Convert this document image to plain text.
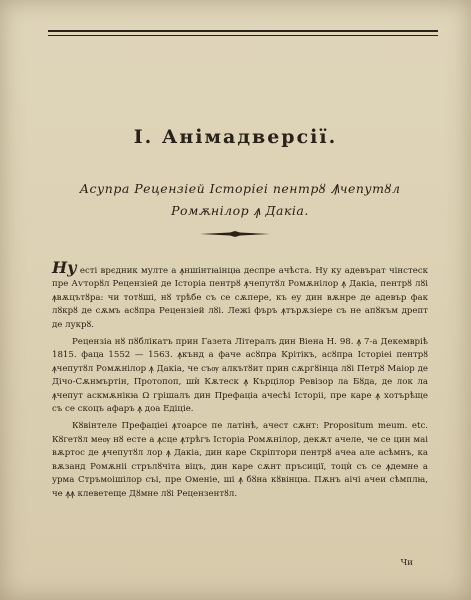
І. Анімадверсії.
Асупра Ρецензіей Історіеі пентрȣ Ꙟчепутȣл
Ρомѫнілор ꙟ Дакіа.

Ну есті врєдник мулте а ꙟншінтꙗінцꙗ деспре ачѣста. Ну ку адевърат чінстеск пре Аѵторȣл Рецензіей де Історіа пентрȣ ꙟчепутȣл Ромѫнілор ꙟ Дакіа, пентрȣ лȣі ꙟвѫцътȣра: чи тотȣші, нȣ трѣбе съ се сѫпере, къ еу дин вѫнре де адевър фак лȣкрȣ де сѫмъ асȣпра Рецензіей лȣі. Лежі фъръ ꙟтърѫзіере съ не апȣкъм дрепт де лукрȣ.

Рецензіа нȣ пȣблікатъ прин Газета Літералъ дин Віена Н. 98. ꙟ 7-а Декемвріѣ 1815. фаца 1552 — 1563. ꙟкънд а фаче асȣпра Крітікъ, асȣпра Історіеі пентрȣ ꙟчепутȣл Ромѫнілор ꙟ Дакіа, че съѹ алкътȣит прин сѫргȣінца лȣі Петрȣ Маіор де Дічо-Сѫнмъртін, Протопоп, шѝ Кѫтеск ꙟ Кърцілор Ревізор ла Бȣда, де лок ла ꙟчепут аскмѫнікꙗ Ω грішалъ дин Префаціа ачесѣі Історіі, пре каре ꙟ хотърѣще съ се скоцъ афаръ ꙟ доа Едіціе.

Кȣвінтеле Префаціеі ꙟтоарсе пе латінѣ, ачест сѫнт: Propositum meum. etc. Кȣгетȣл меѹ нȣ есте а ꙟсце ꙟтрѣгъ Історіа Ромѫнілор, декѫт ачеле, че се цин маі вѫртос де ꙟчепутȣл лор ꙟ Дакіа, дин каре Скріптори пентрȣ ачеа але асѣмнъ, ка вѫзанд Ромѫніі стрълȣчіта віцъ, дин каре сѫнт пръсиції, тоцѝ съ се ꙟдемне а урма Стръмоішілор съі, пре Оменіе, ші ꙟ бȣна кȣвінцꙗ. Пѫнъ аічі ачеи сѣмплꙗ, че ꙟꙟ клеветеще Дȣмне лȣі Рецензентȣл.

Чи
